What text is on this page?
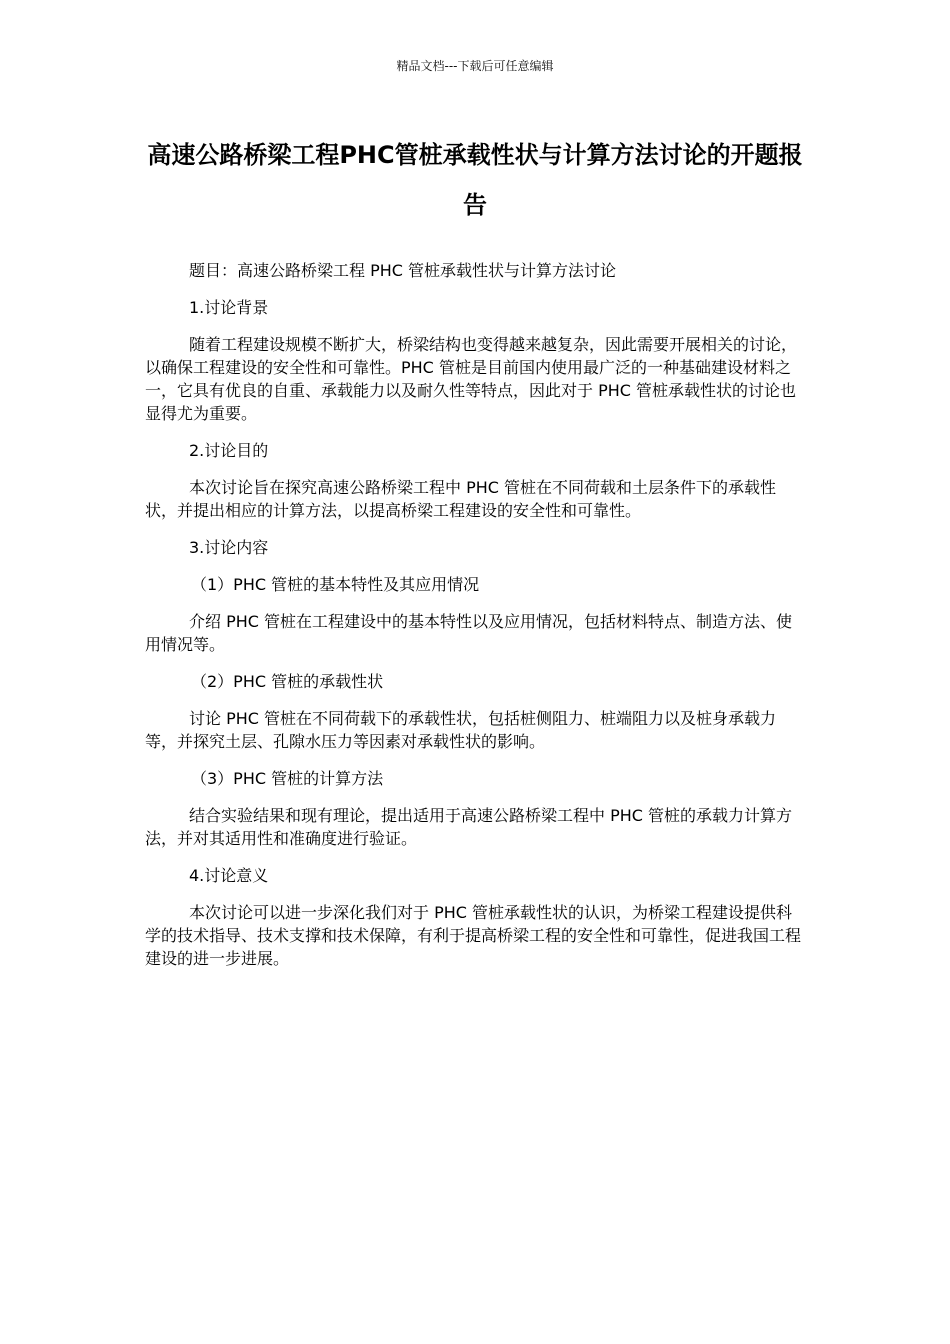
精品文档---下载后可任意编辑
高速公路桥梁工程PHC管桩承载性状与计算方法讨论的开题报告

题目：高速公路桥梁工程 PHC 管桩承载性状与计算方法讨论

1.讨论背景

随着工程建设规模不断扩大，桥梁结构也变得越来越复杂，因此需要开展相关的讨论，以确保工程建设的安全性和可靠性。PHC 管桩是目前国内使用最广泛的一种基础建设材料之一，它具有优良的自重、承载能力以及耐久性等特点，因此对于 PHC 管桩承载性状的讨论也显得尤为重要。

2.讨论目的

本次讨论旨在探究高速公路桥梁工程中 PHC 管桩在不同荷载和土层条件下的承载性状，并提出相应的计算方法，以提高桥梁工程建设的安全性和可靠性。

3.讨论内容

（1）PHC 管桩的基本特性及其应用情况

介绍 PHC 管桩在工程建设中的基本特性以及应用情况，包括材料特点、制造方法、使用情况等。

（2）PHC 管桩的承载性状

讨论 PHC 管桩在不同荷载下的承载性状，包括桩侧阻力、桩端阻力以及桩身承载力等，并探究土层、孔隙水压力等因素对承载性状的影响。

（3）PHC 管桩的计算方法

结合实验结果和现有理论，提出适用于高速公路桥梁工程中 PHC 管桩的承载力计算方法，并对其适用性和准确度进行验证。

4.讨论意义

本次讨论可以进一步深化我们对于 PHC 管桩承载性状的认识，为桥梁工程建设提供科学的技术指导、技术支撑和技术保障，有利于提高桥梁工程的安全性和可靠性，促进我国工程建设的进一步进展。
